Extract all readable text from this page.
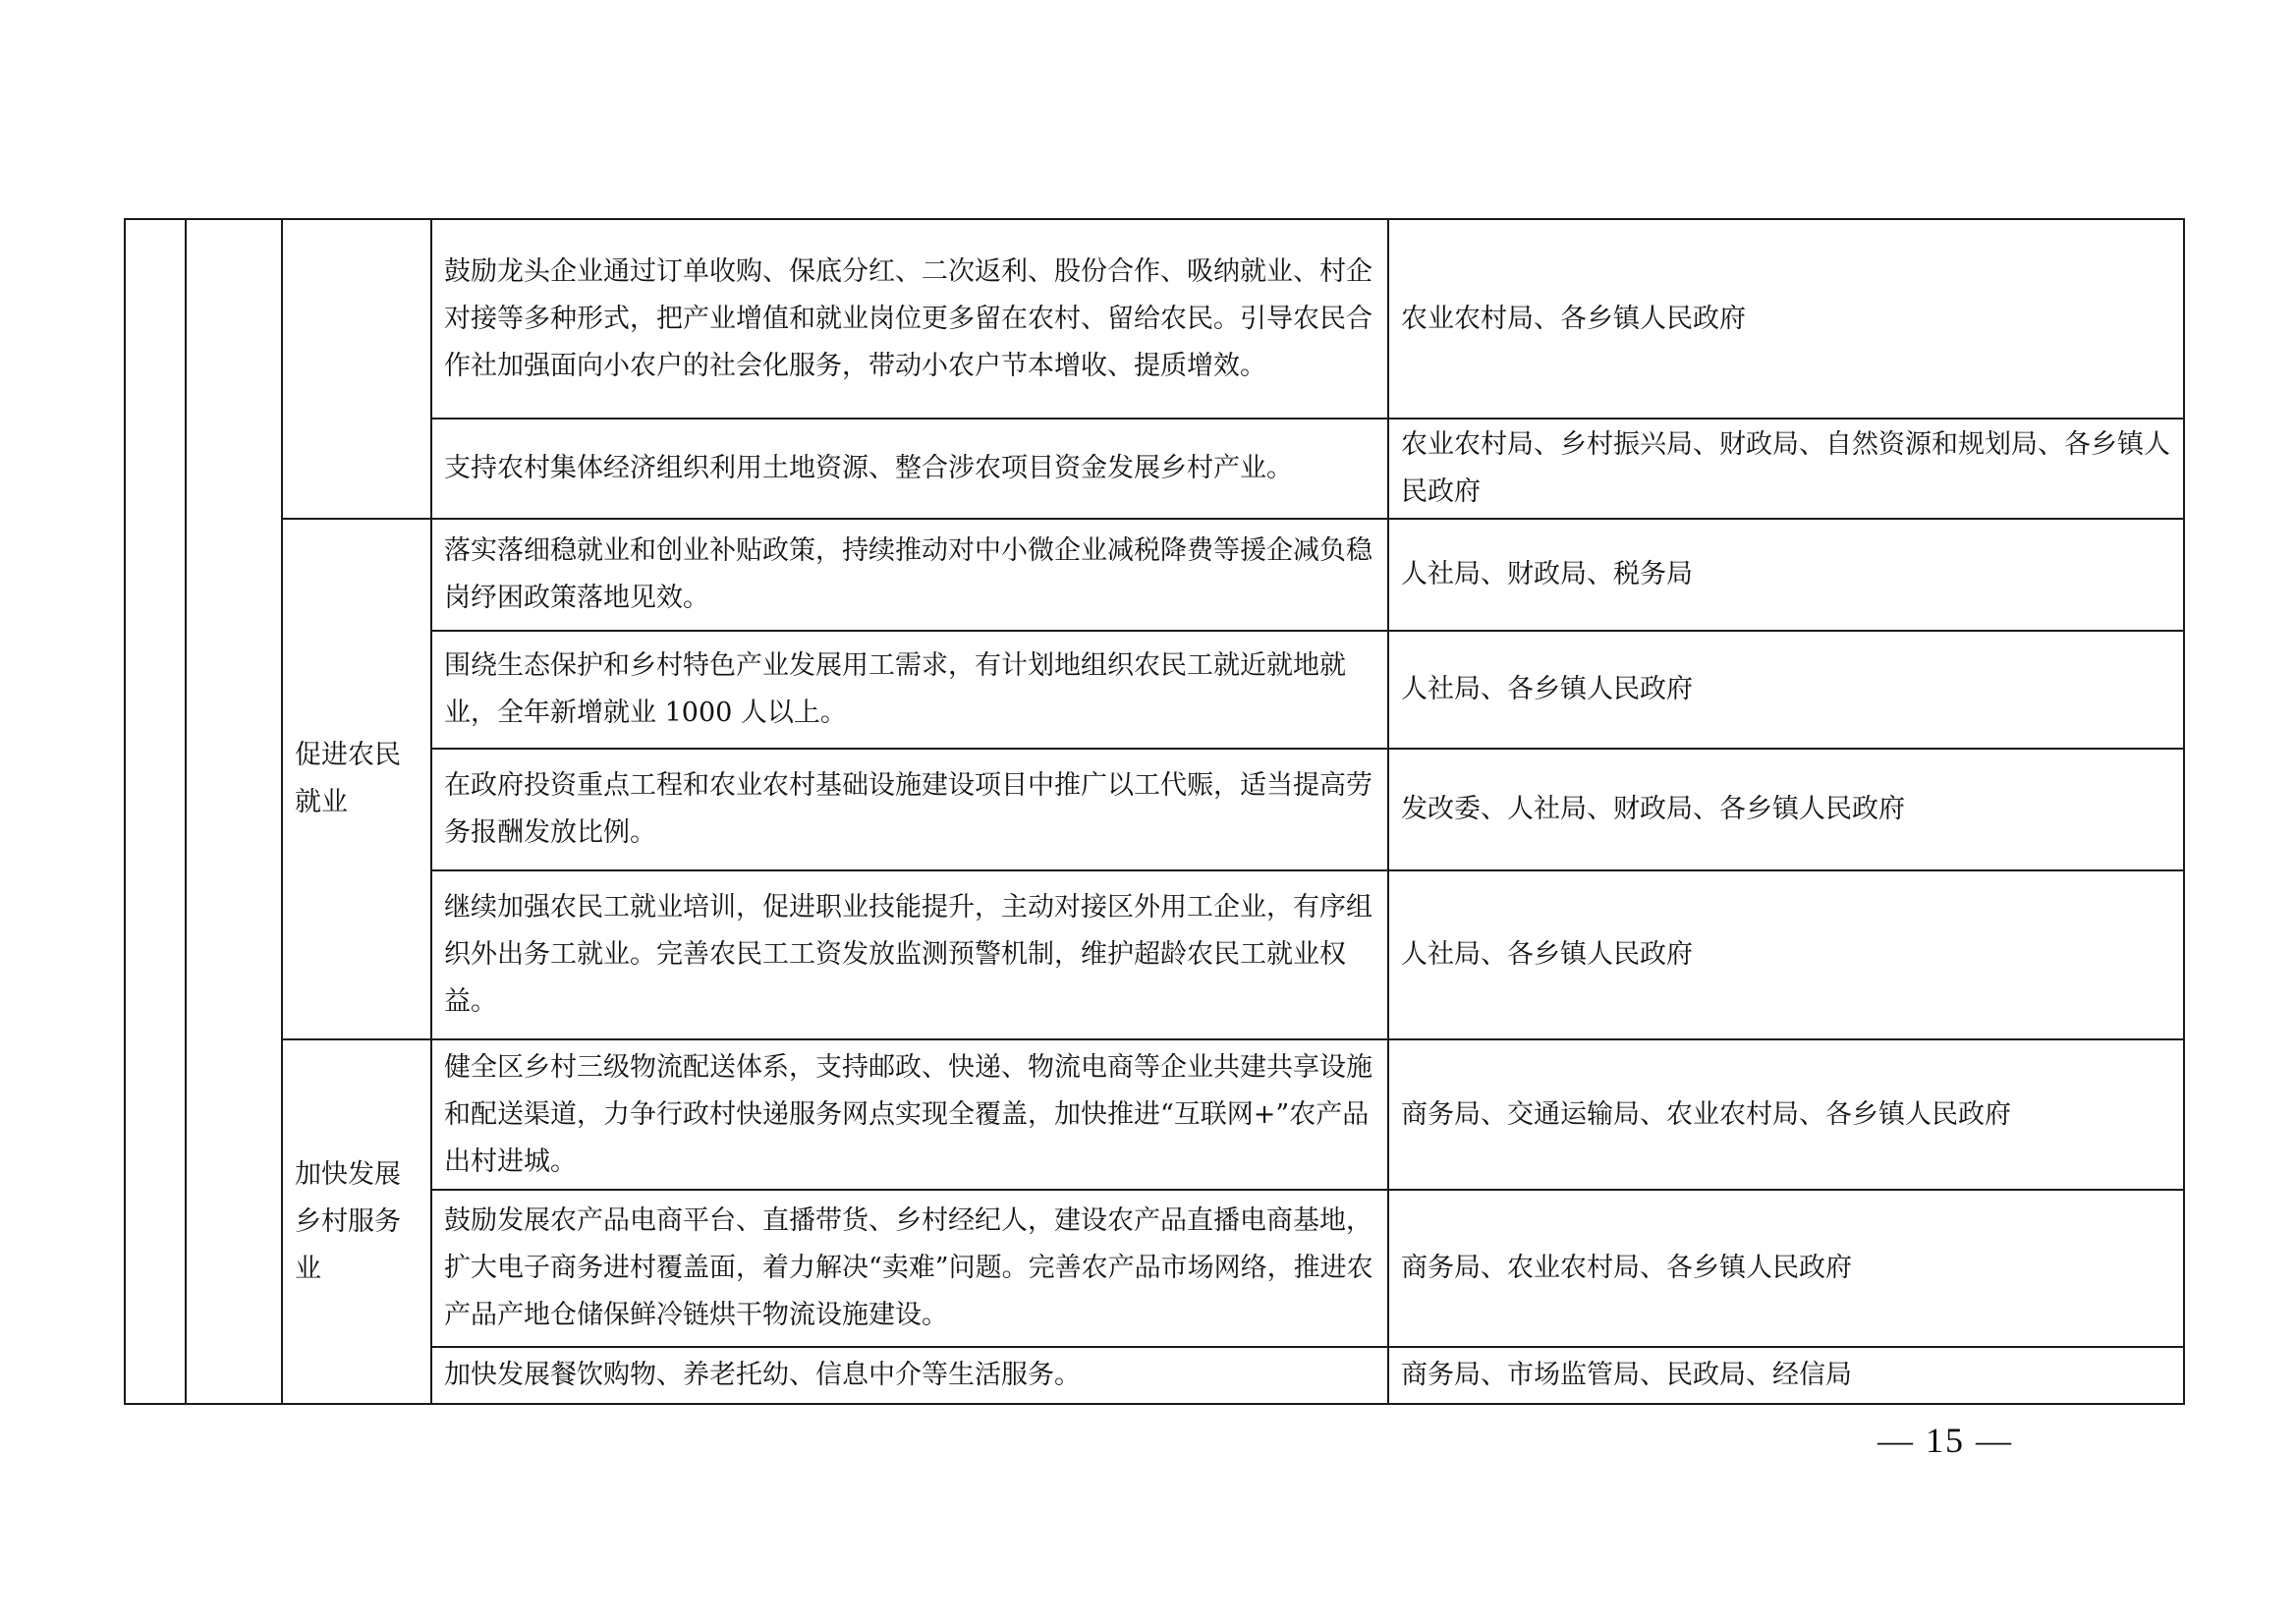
			鼓励龙头企业通过订单收购、保底分红、二次返利、股份合作、吸纳就业、村企对接等多种形式，把产业增值和就业岗位更多留在农村、留给农民。引导农民合作社加强面向小农户的社会化服务，带动小农户节本增收、提质增效。	农业农村局、各乡镇人民政府
			支持农村集体经济组织利用土地资源、整合涉农项目资金发展乡村产业。	农业农村局、乡村振兴局、财政局、自然资源和规划局、各乡镇人民政府
		促进农民就业	落实落细稳就业和创业补贴政策，持续推动对中小微企业减税降费等援企减负稳岗纾困政策落地见效。	人社局、财政局、税务局
			围绕生态保护和乡村特色产业发展用工需求，有计划地组织农民工就近就地就业，全年新增就业 1000 人以上。	人社局、各乡镇人民政府
			在政府投资重点工程和农业农村基础设施建设项目中推广以工代赈，适当提高劳务报酬发放比例。	发改委、人社局、财政局、各乡镇人民政府
			继续加强农民工就业培训，促进职业技能提升，主动对接区外用工企业，有序组织外出务工就业。完善农民工工资发放监测预警机制，维护超龄农民工就业权益。	人社局、各乡镇人民政府
		加快发展乡村服务业	健全区乡村三级物流配送体系，支持邮政、快递、物流电商等企业共建共享设施和配送渠道，力争行政村快递服务网点实现全覆盖，加快推进“互联网+”农产品出村进城。	商务局、交通运输局、农业农村局、各乡镇人民政府
			鼓励发展农产品电商平台、直播带货、乡村经纪人，建设农产品直播电商基地，扩大电子商务进村覆盖面，着力解决“卖难”问题。完善农产品市场网络，推进农产品产地仓储保鲜冷链烘干物流设施建设。	商务局、农业农村局、各乡镇人民政府
			加快发展餐饮购物、养老托幼、信息中介等生活服务。	商务局、市场监管局、民政局、经信局
— 15 —
